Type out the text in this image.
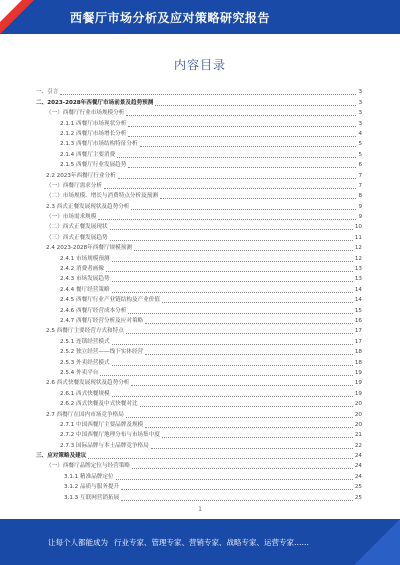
西餐厅市场分析及应对策略研究报告
内容目录
一、引言	3
二、2023-2028年西餐厅市场前景及趋势预测	3
（一）西餐厅行业市场规模分析	3
2.1.1 西餐厅市场现状分析	3
2.1.2 西餐厅市场增长分析	4
2.1.3 西餐厅市场结构特征分析	5
2.1.4 西餐厅主要消费	5
2.1.5 西餐厅行业发展趋势	6
2.2 2023年西餐厅行业分析	7
（一）西餐厅需求分析	7
（二）市场规模、增长与消费特点分析及预测	8
2.3 西式正餐发展现状及趋势分析	9
（一）市场需求规模	9
（二）西式正餐发展现状	10
（三）西式正餐发展趋势	11
2.4 2023-2028年西餐厅规模预测	12
2.4.1 市场规模预测	12
2.4.2 消费者画像	13
2.4.3 市场发展趋势	13
2.4.4 餐厅经营策略	14
2.4.5 西餐厅行业产业链结构及产业价值	14
2.4.6 西餐厅经营成本分析	15
2.4.7 西餐厅经营分析及应对策略	16
2.5 西餐厅主要经营方式和特点	17
2.5.1 连锁经营模式	17
2.5.2 独立经营——线下实体经营	18
2.5.3 外卖经营模式	18
2.5.4 外卖平台	19
2.6 西式快餐发展现状及趋势分析	19
2.6.1 西式快餐规模	19
2.6.2 西式快餐及中式快餐对比	20
2.7 西餐厅在国内市场竞争格局	20
2.7.1 中国西餐厅主要品牌及规模	20
2.7.2 中国西餐厅地理分布与市场集中度	21
2.7.3 国际品牌与本土品牌竞争格局	22
三、应对策略及建议	24
（一）西餐厅品牌定位与经营策略	24
3.1.1 精准品牌定位	24
3.1.2 品质与服务提升	25
3.1.3 互联网营销拓展	25
1
让每个人都能成为 行业专家、管理专家、营销专家、战略专家、运营专家……
